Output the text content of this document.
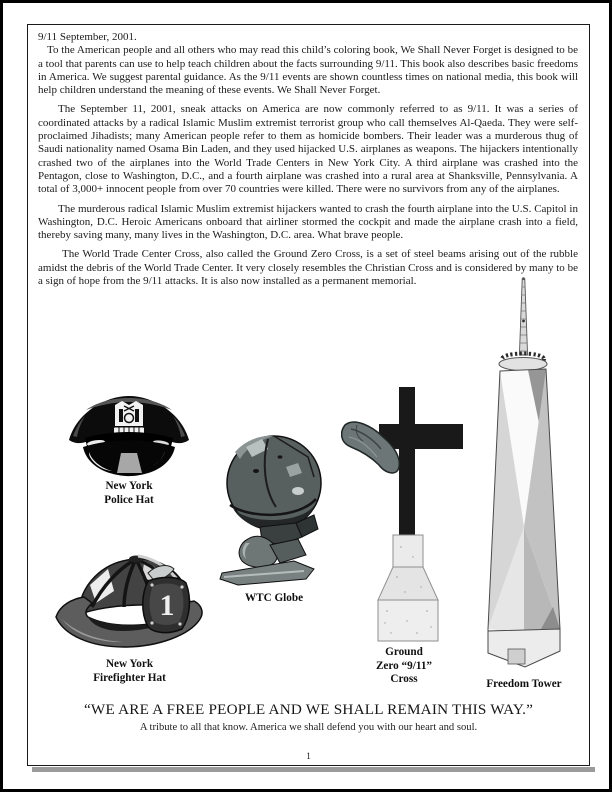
9/11 September, 2001.

To the American people and all others who may read this child’s coloring book, We Shall Never Forget is designed to be a tool that parents can use to help teach children about the facts surrounding 9/11. This book also describes basic freedoms in America. We suggest parental guidance. As the 9/11 events are shown countless times on national media, this book will help children understand the meaning of these events. We Shall Never Forget.

The September 11, 2001, sneak attacks on America are now commonly referred to as 9/11. It was a series of coordinated attacks by a radical Islamic Muslim extremist terrorist group who call themselves Al-Qaeda. They were self-proclaimed Jihadists; many American people refer to them as homicide bombers. Their leader was a murderous thug of Saudi nationality named Osama Bin Laden, and they used hijacked U.S. airplanes as weapons. The hijackers intentionally crashed two of the airplanes into the World Trade Centers in New York City. A third airplane was crashed into the Pentagon, close to Washington, D.C., and a fourth airplane was crashed into a rural area at Shanksville, Pennsylvania. A total of 3,000+ innocent people from over 70 countries were killed. There were no survivors from any of the airplanes.

The murderous radical Islamic Muslim extremist hijackers wanted to crash the fourth airplane into the U.S. Capitol in Washington, D.C. Heroic Americans onboard that airliner stormed the cockpit and made the airplane crash into a field, thereby saving many, many lives in the Washington, D.C. area. What brave people.

The World Trade Center Cross, also called the Ground Zero Cross, is a set of steel beams arising out of the rubble amidst the debris of the World Trade Center. It very closely resembles the Christian Cross and is considered by many to be a sign of hope from the 9/11 attacks. It is also now installed as a permanent memorial.

New York
Police Hat
WTC Globe
Ground
Zero “9/11”
Cross	Freedom Tower
1
New York
Firefighter Hat
“WE ARE A FREE PEOPLE AND WE SHALL REMAIN THIS WAY.”
A tribute to all that know. America we shall defend you with our heart and soul.
1
